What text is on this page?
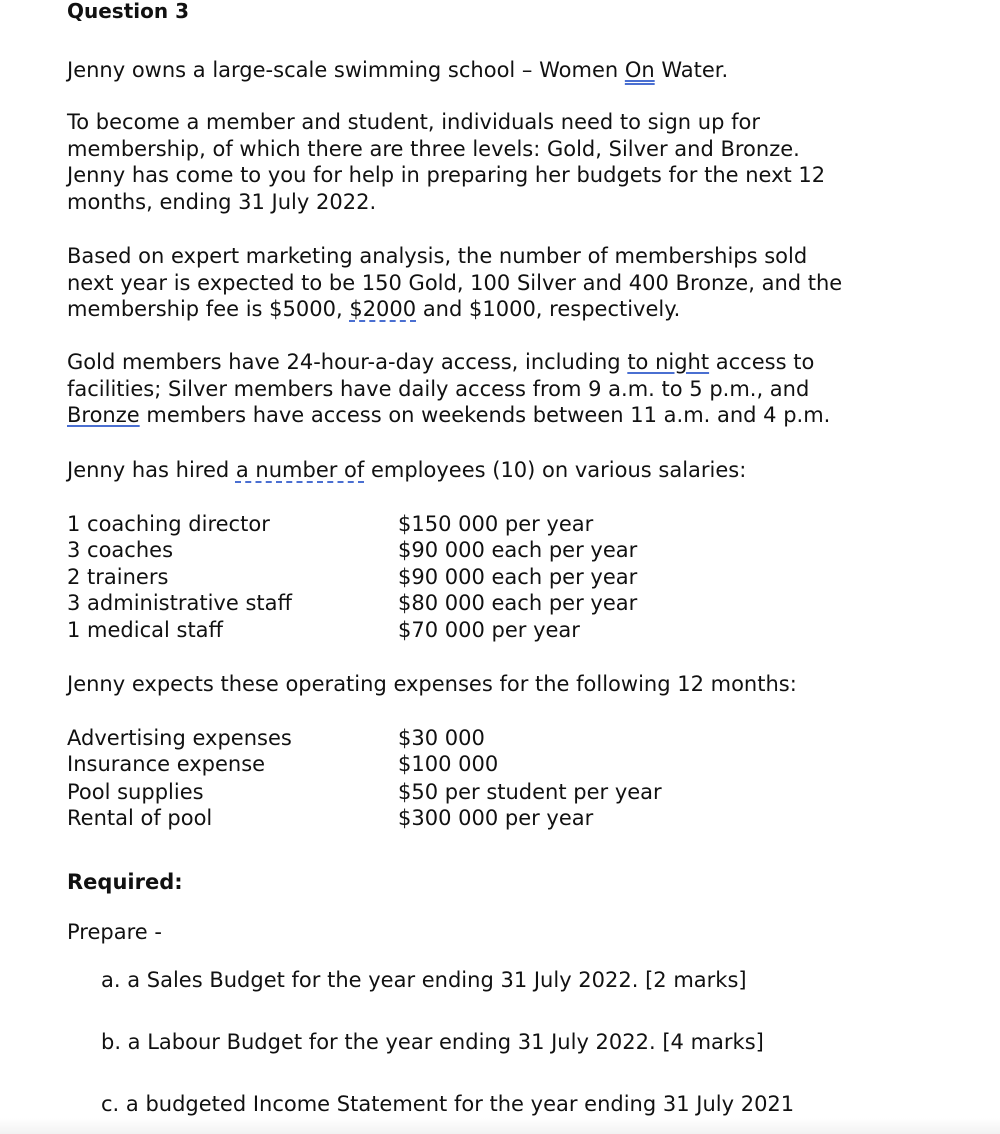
Question 3
Jenny owns a large-scale swimming school – Women On Water.
To become a member and student, individuals need to sign up for
membership, of which there are three levels: Gold, Silver and Bronze.
Jenny has come to you for help in preparing her budgets for the next 12
months, ending 31 July 2022.
Based on expert marketing analysis, the number of memberships sold
next year is expected to be 150 Gold, 100 Silver and 400 Bronze, and the
membership fee is $5000, $2000 and $1000, respectively.
Gold members have 24-hour-a-day access, including to night access to
facilities; Silver members have daily access from 9 a.m. to 5 p.m., and
Bronze members have access on weekends between 11 a.m. and 4 p.m.
Jenny has hired a number of employees (10) on various salaries:
1 coaching director	$150 000 per year
3 coaches	$90 000 each per year
2 trainers	$90 000 each per year
3 administrative staff	$80 000 each per year
1 medical staff	$70 000 per year
Jenny expects these operating expenses for the following 12 months:
Advertising expenses	$30 000
Insurance expense	$100 000
Pool supplies	$50 per student per year
Rental of pool	$300 000 per year
Required:
Prepare -
a. a Sales Budget for the year ending 31 July 2022. [2 marks]
b. a Labour Budget for the year ending 31 July 2022. [4 marks]
c. a budgeted Income Statement for the year ending 31 July 2021
